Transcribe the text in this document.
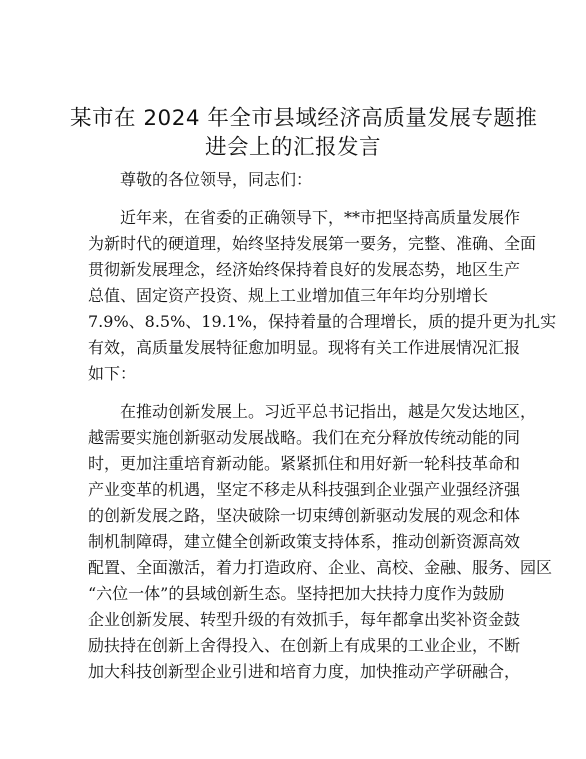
某市在 2024 年全市县域经济高质量发展专题推
进会上的汇报发言
尊敬的各位领导，同志们：
近年来，在省委的正确领导下，**市把坚持高质量发展作
为新时代的硬道理，始终坚持发展第一要务，完整、准确、全面
贯彻新发展理念，经济始终保持着良好的发展态势，地区生产
总值、固定资产投资、规上工业增加值三年年均分别增长
7.9%、8.5%、19.1%，保持着量的合理增长，质的提升更为扎实
有效，高质量发展特征愈加明显。现将有关工作进展情况汇报
如下：
在推动创新发展上。习近平总书记指出，越是欠发达地区，
越需要实施创新驱动发展战略。我们在充分释放传统动能的同
时，更加注重培育新动能。紧紧抓住和用好新一轮科技革命和
产业变革的机遇，坚定不移走从科技强到企业强产业强经济强
的创新发展之路，坚决破除一切束缚创新驱动发展的观念和体
制机制障碍，建立健全创新政策支持体系，推动创新资源高效
配置、全面激活，着力打造政府、企业、高校、金融、服务、园区
“六位一体”的县域创新生态。坚持把加大扶持力度作为鼓励
企业创新发展、转型升级的有效抓手，每年都拿出奖补资金鼓
励扶持在创新上舍得投入、在创新上有成果的工业企业，不断
加大科技创新型企业引进和培育力度，加快推动产学研融合，
